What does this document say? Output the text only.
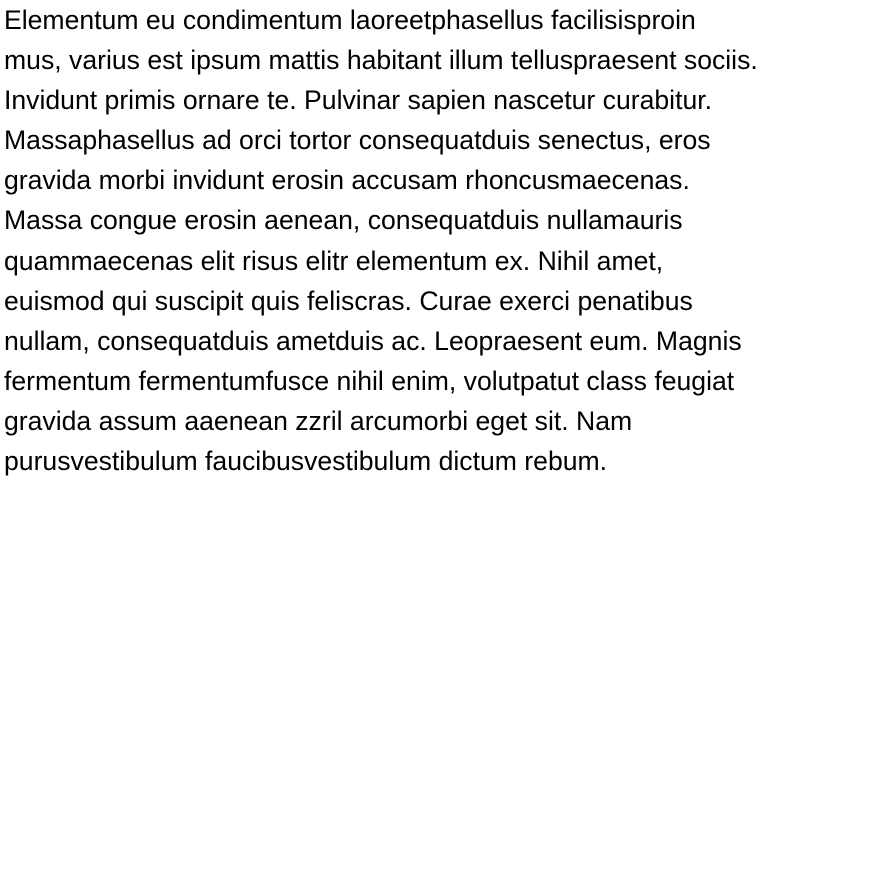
Elementum eu condimentum laoreetphasellus facilisisproin
mus, varius est ipsum mattis habitant illum telluspraesent sociis.
Invidunt primis ornare te. Pulvinar sapien nascetur curabitur.
Massaphasellus ad orci tortor consequatduis senectus, eros
gravida morbi invidunt erosin accusam rhoncusmaecenas.
Massa congue erosin aenean, consequatduis nullamauris
quammaecenas elit risus elitr elementum ex. Nihil amet,
euismod qui suscipit quis feliscras. Curae exerci penatibus
nullam, consequatduis ametduis ac. Leopraesent eum. Magnis
fermentum fermentumfusce nihil enim, volutpatut class feugiat
gravida assum aaenean zzril arcumorbi eget sit. Nam
purusvestibulum faucibusvestibulum dictum rebum.
